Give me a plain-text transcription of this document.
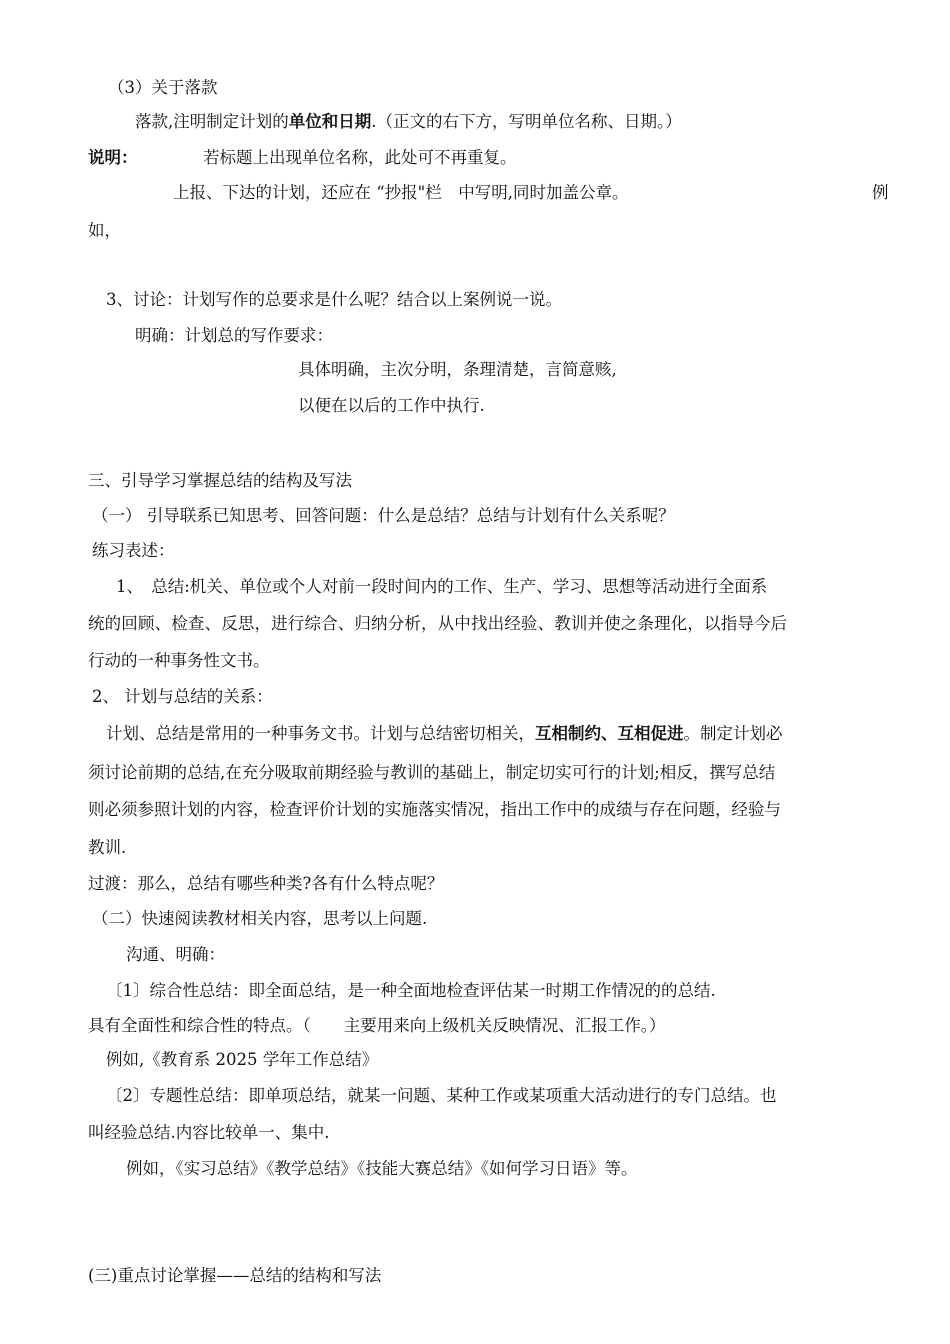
（3）关于落款
落款,注明制定计划的单位和日期.（正文的右下方，写明单位名称、日期。）
说明：	若标题上出现单位名称，此处可不再重复。
上报、下达的计划，还应在 “抄报"栏　中写明,同时加盖公章。	例
如，
3、讨论：计划写作的总要求是什么呢？结合以上案例说一说。
明确：计划总的写作要求：
具体明确，主次分明，条理清楚，言简意赅,
以便在以后的工作中执行.
三、引导学习掌握总结的结构及写法
（一） 引导联系已知思考、回答问题：什么是总结？总结与计划有什么关系呢？
练习表述：
1、　总结:机关、单位或个人对前一段时间内的工作、生产、学习、思想等活动进行全面系
统的回顾、检查、反思，进行综合、归纳分析，从中找出经验、教训并使之条理化，以指导今后
行动的一种事务性文书。
2、 计划与总结的关系：
计划、总结是常用的一种事务文书。计划与总结密切相关，互相制约、互相促进。制定计划必
须讨论前期的总结,在充分吸取前期经验与教训的基础上，制定切实可行的计划;相反，撰写总结
则必须参照计划的内容，检查评价计划的实施落实情况，指出工作中的成绩与存在问题，经验与
教训.
过渡：那么，总结有哪些种类?各有什么特点呢？
（二）快速阅读教材相关内容，思考以上问题.
沟通、明确：
〔1〕综合性总结：即全面总结，是一种全面地检查评估某一时期工作情况的的总结.
具有全面性和综合性的特点。（　　主要用来向上级机关反映情况、汇报工作。）
例如,《教育系 2025 学年工作总结》
〔2〕专题性总结：即单项总结，就某一问题、某种工作或某项重大活动进行的专门总结。也
叫经验总结.内容比较单一、集中.
例如，《实习总结》《教学总结》《技能大赛总结》《如何学习日语》等。
(三)重点讨论掌握——总结的结构和写法
